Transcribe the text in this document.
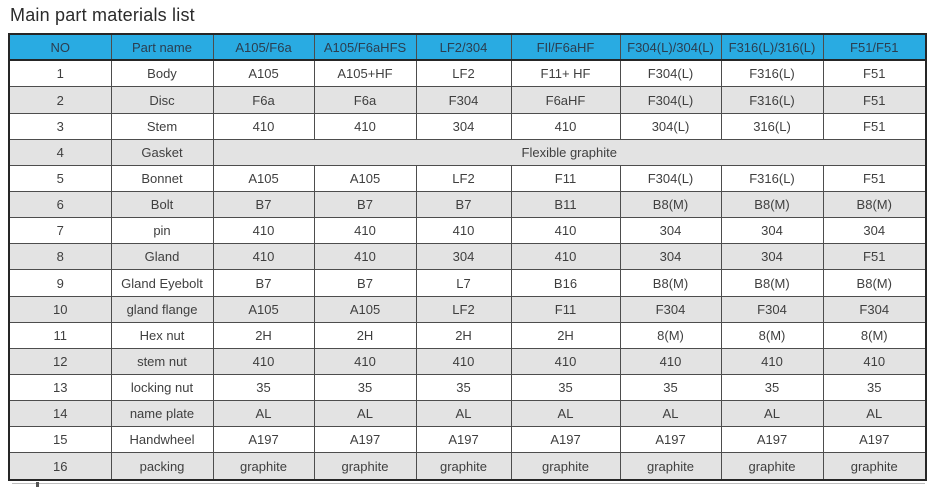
Main part materials list
NO	Part name	A105/F6a	A105/F6aHFS	LF2/304	FIl/F6aHF	F304(L)/304(L)	F316(L)/316(L)	F51/F51
1	Body	A105	A105+HF	LF2	F11+ HF	F304(L)	F316(L)	F51
2	Disc	F6a	F6a	F304	F6aHF	F304(L)	F316(L)	F51
3	Stem	410	410	304	410	304(L)	316(L)	F51
4	Gasket	Flexible graphite						
5	Bonnet	A105	A105	LF2	F11	F304(L)	F316(L)	F51
6	Bolt	B7	B7	B7	B11	B8(M)	B8(M)	B8(M)
7	pin	410	410	410	410	304	304	304
8	Gland	410	410	304	410	304	304	F51
9	Gland Eyebolt	B7	B7	L7	B16	B8(M)	B8(M)	B8(M)
10	gland flange	A105	A105	LF2	F11	F304	F304	F304
11	Hex nut	2H	2H	2H	2H	8(M)	8(M)	8(M)
12	stem nut	410	410	410	410	410	410	410
13	locking nut	35	35	35	35	35	35	35
14	name plate	AL	AL	AL	AL	AL	AL	AL
15	Handwheel	A197	A197	A197	A197	A197	A197	A197
16	packing	graphite	graphite	graphite	graphite	graphite	graphite	graphite
